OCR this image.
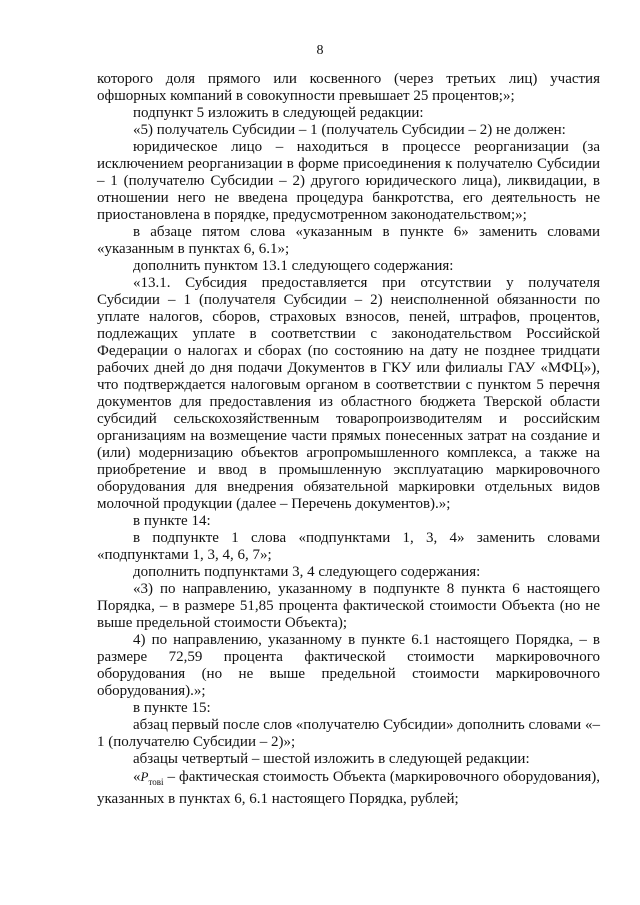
8

которого доля прямого или косвенного (через третьих лиц) участия офшорных компаний в совокупности превышает 25 процентов;»;

подпункт 5 изложить в следующей редакции:

«5) получатель Субсидии – 1 (получатель Субсидии – 2) не должен:

юридическое лицо – находиться в процессе реорганизации (за исключением реорганизации в форме присоединения к получателю Субсидии – 1 (получателю Субсидии – 2) другого юридического лица), ликвидации, в отношении него не введена процедура банкротства, его деятельность не приостановлена в порядке, предусмотренном законодательством;»;

в абзаце пятом слова «указанным в пункте 6» заменить словами «указанным в пунктах 6, 6.1»;

дополнить пунктом 13.1 следующего содержания:

«13.1. Субсидия предоставляется при отсутствии у получателя Субсидии – 1 (получателя Субсидии – 2) неисполненной обязанности по уплате налогов, сборов, страховых взносов, пеней, штрафов, процентов, подлежащих уплате в соответствии с законодательством Российской Федерации о налогах и сборах (по состоянию на дату не позднее тридцати рабочих дней до дня подачи Документов в ГКУ или филиалы ГАУ «МФЦ»), что подтверждается налоговым органом в соответствии с пунктом 5 перечня документов для предоставления из областного бюджета Тверской области субсидий сельскохозяйственным товаропроизводителям и российским организациям на возмещение части прямых понесенных затрат на создание и (или) модернизацию объектов агропромышленного комплекса, а также на приобретение и ввод в промышленную эксплуатацию маркировочного оборудования для внедрения обязательной маркировки отдельных видов молочной продукции (далее – Перечень документов).»;

в пункте 14:

в подпункте 1 слова «подпунктами 1, 3, 4» заменить словами «подпунктами 1, 3, 4, 6, 7»;

дополнить подпунктами 3, 4 следующего содержания:

«3) по направлению, указанному в подпункте 8 пункта 6 настоящего Порядка, – в размере 51,85 процента фактической стоимости Объекта (но не выше предельной стоимости Объекта);

4) по направлению, указанному в пункте 6.1 настоящего Порядка, – в размере 72,59 процента фактической стоимости маркировочного оборудования (но не выше предельной стоимости маркировочного оборудования).»;

в пункте 15:

абзац первый после слов «получателю Субсидии» дополнить словами «– 1 (получателю Субсидии – 2)»;

абзацы четвертый – шестой изложить в следующей редакции:

«$P_{тові}$ – фактическая стоимость Объекта (маркировочного оборудования), указанных в пунктах 6, 6.1 настоящего Порядка, рублей;
